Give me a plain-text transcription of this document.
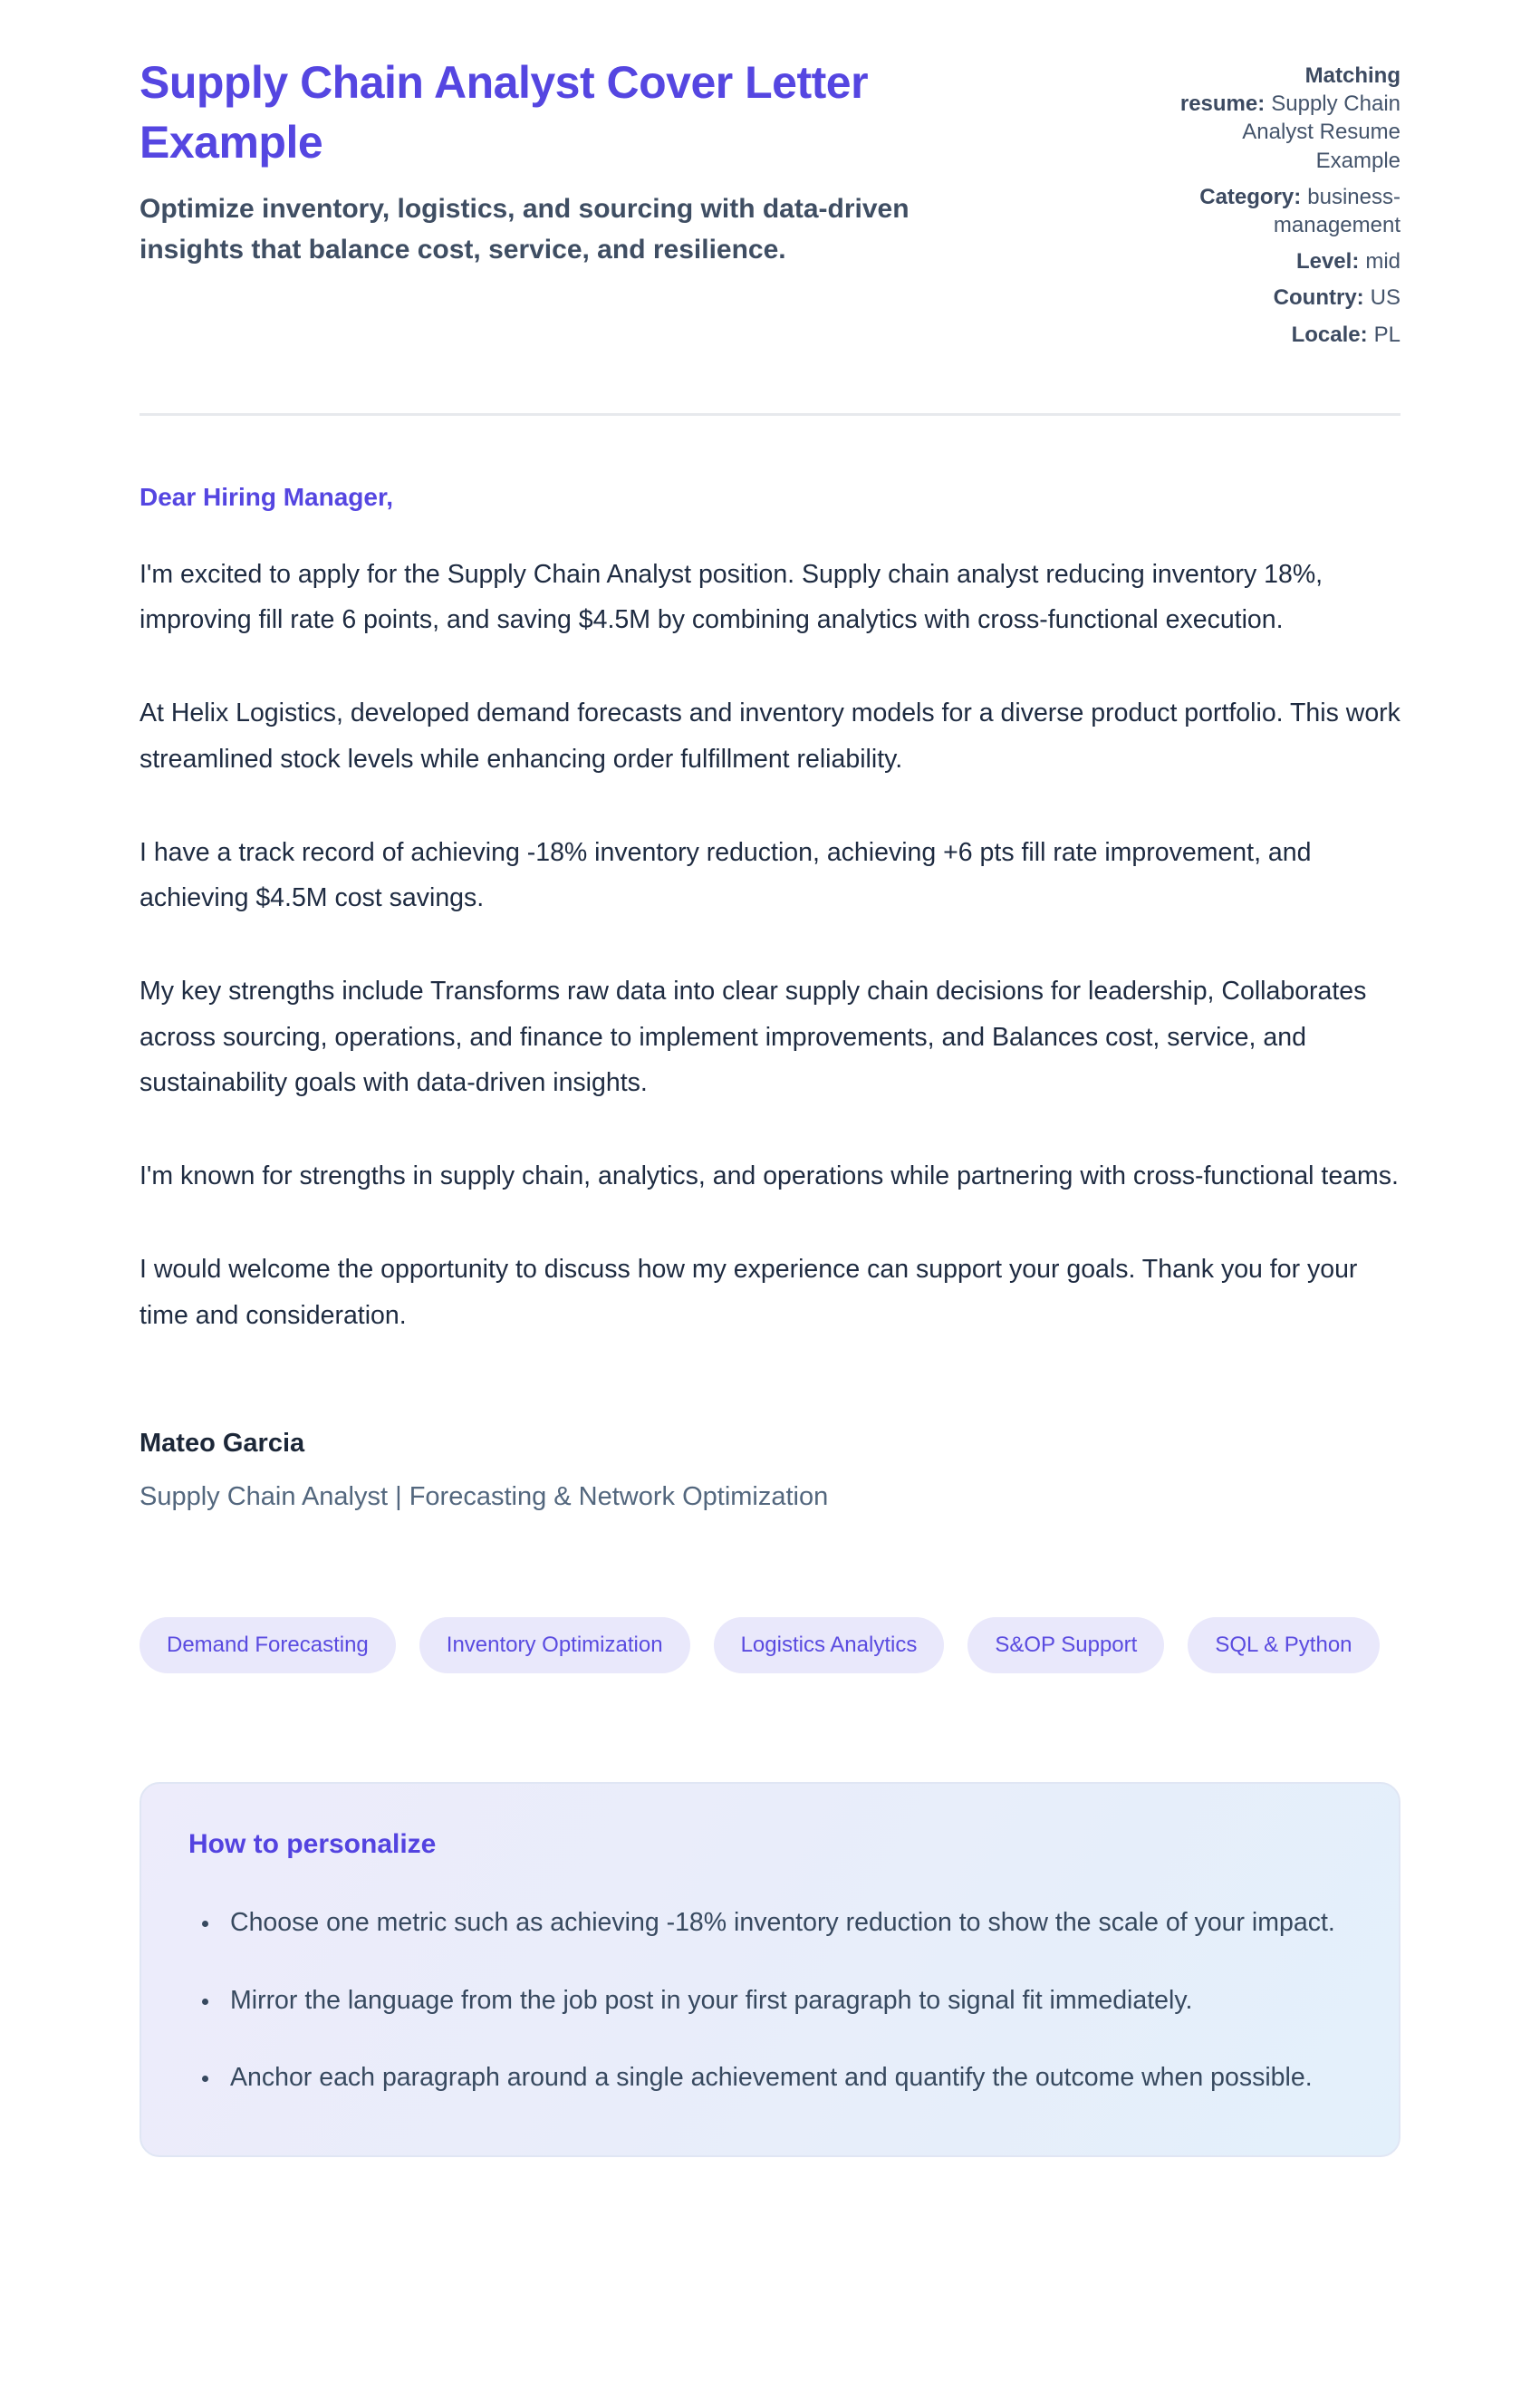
Supply Chain Analyst Cover Letter Example
Optimize inventory, logistics, and sourcing with data-driven insights that balance cost, service, and resilience.
Matching resume: Supply Chain Analyst Resume Example
Category: business-management
Level: mid
Country: US
Locale: PL
Dear Hiring Manager,

I'm excited to apply for the Supply Chain Analyst position. Supply chain analyst reducing inventory 18%, improving fill rate 6 points, and saving $4.5M by combining analytics with cross-functional execution.

At Helix Logistics, developed demand forecasts and inventory models for a diverse product portfolio. This work streamlined stock levels while enhancing order fulfillment reliability.

I have a track record of achieving -18% inventory reduction, achieving +6 pts fill rate improvement, and achieving $4.5M cost savings.

My key strengths include Transforms raw data into clear supply chain decisions for leadership, Collaborates across sourcing, operations, and finance to implement improvements, and Balances cost, service, and sustainability goals with data-driven insights.

I'm known for strengths in supply chain, analytics, and operations while partnering with cross-functional teams.

I would welcome the opportunity to discuss how my experience can support your goals. Thank you for your time and consideration.

Mateo Garcia
Supply Chain Analyst | Forecasting & Network Optimization
Demand Forecasting	Inventory Optimization	Logistics Analytics	S&OP Support	SQL & Python
How to personalize
• Choose one metric such as achieving -18% inventory reduction to show the scale of your impact.
• Mirror the language from the job post in your first paragraph to signal fit immediately.
• Anchor each paragraph around a single achievement and quantify the outcome when possible.
